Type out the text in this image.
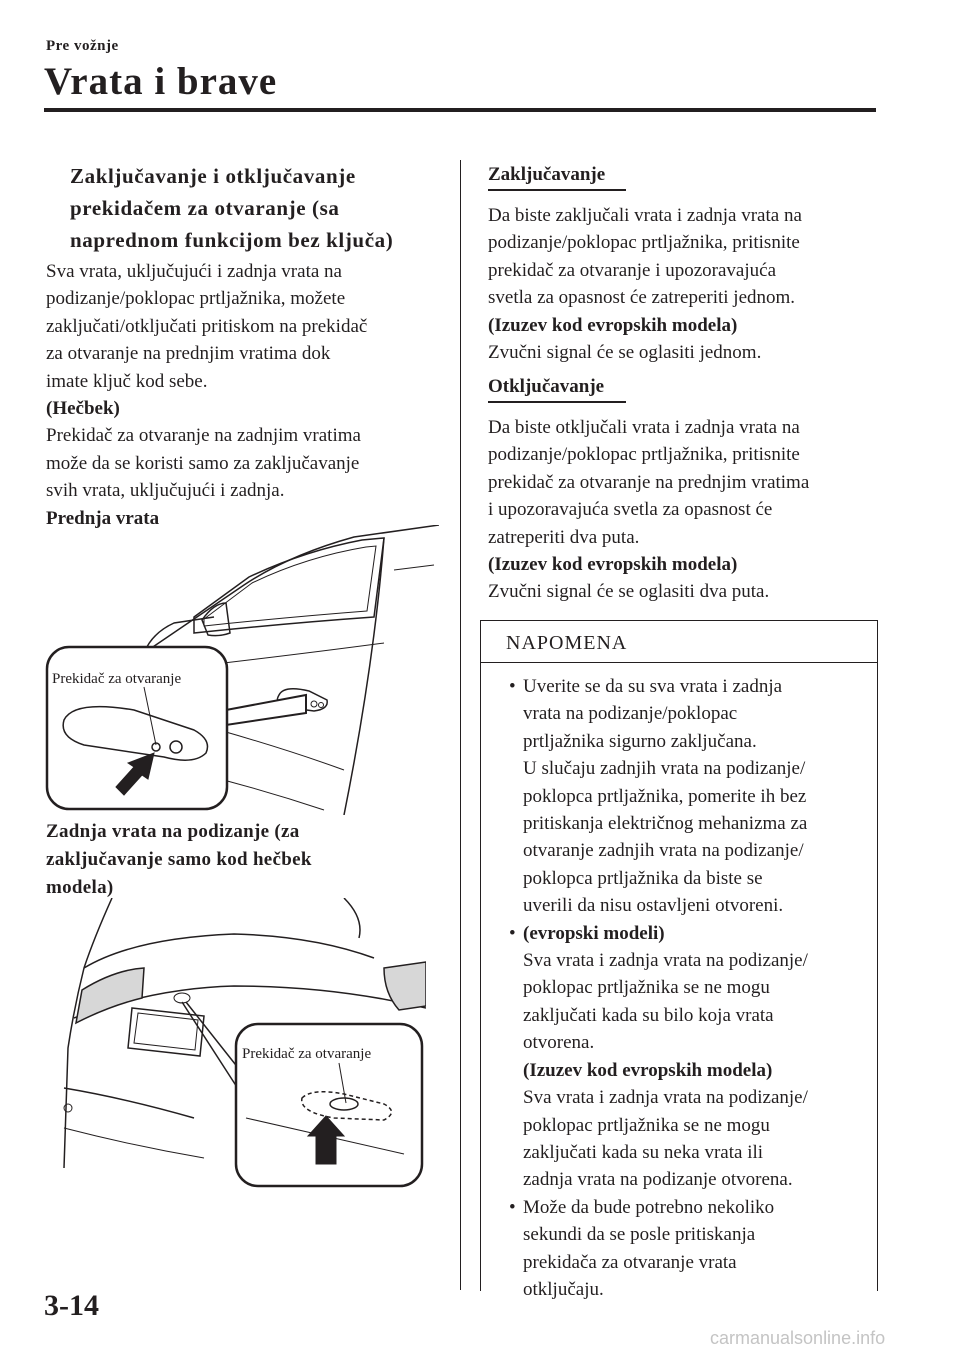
Pre vožnje
Vrata i brave
Zaključavanje i otključavanje
prekidačem za otvaranje (sa
naprednom funkcijom bez ključa)
Sva vrata, uključujući i zadnja vrata na
podizanje/poklopac prtljažnika, možete
zaključati/otključati pritiskom na prekidač
za otvaranje na prednjim vratima dok
imate ključ kod sebe.
(Hečbek)
Prekidač za otvaranje na zadnjim vratima
može da se koristi samo za zaključavanje
svih vrata, uključujući i zadnja.
Prednja vrata
Prekidač za otvaranje
Zadnja vrata na podizanje (za
zaključavanje samo kod hečbek
modela)
Prekidač za otvaranje
Zaključavanje
Da biste zaključali vrata i zadnja vrata na
podizanje/poklopac prtljažnika, pritisnite
prekidač za otvaranje i upozoravajuća
svetla za opasnost će zatreperiti jednom.
(Izuzev kod evropskih modela)
Zvučni signal će se oglasiti jednom.
Otključavanje
Da biste otključali vrata i zadnja vrata na
podizanje/poklopac prtljažnika, pritisnite
prekidač za otvaranje na prednjim vratima
i upozoravajuća svetla za opasnost će
zatreperiti dva puta.
(Izuzev kod evropskih modela)
Zvučni signal će se oglasiti dva puta.
NAPOMENA
• Uverite se da su sva vrata i zadnja
vrata na podizanje/poklopac
prtljažnika sigurno zaključana.
U slučaju zadnjih vrata na podizanje/
poklopca prtljažnika, pomerite ih bez
pritiskanja električnog mehanizma za
otvaranje zadnjih vrata na podizanje/
poklopca prtljažnika da biste se
uverili da nisu ostavljeni otvoreni.
• (evropski modeli)
Sva vrata i zadnja vrata na podizanje/
poklopac prtljažnika se ne mogu
zaključati kada su bilo koja vrata
otvorena.
(Izuzev kod evropskih modela)
Sva vrata i zadnja vrata na podizanje/
poklopac prtljažnika se ne mogu
zaključati kada su neka vrata ili
zadnja vrata na podizanje otvorena.
• Može da bude potrebno nekoliko
sekundi da se posle pritiskanja
prekidača za otvaranje vrata
otključaju.
3-14
carmanualsonline.info
